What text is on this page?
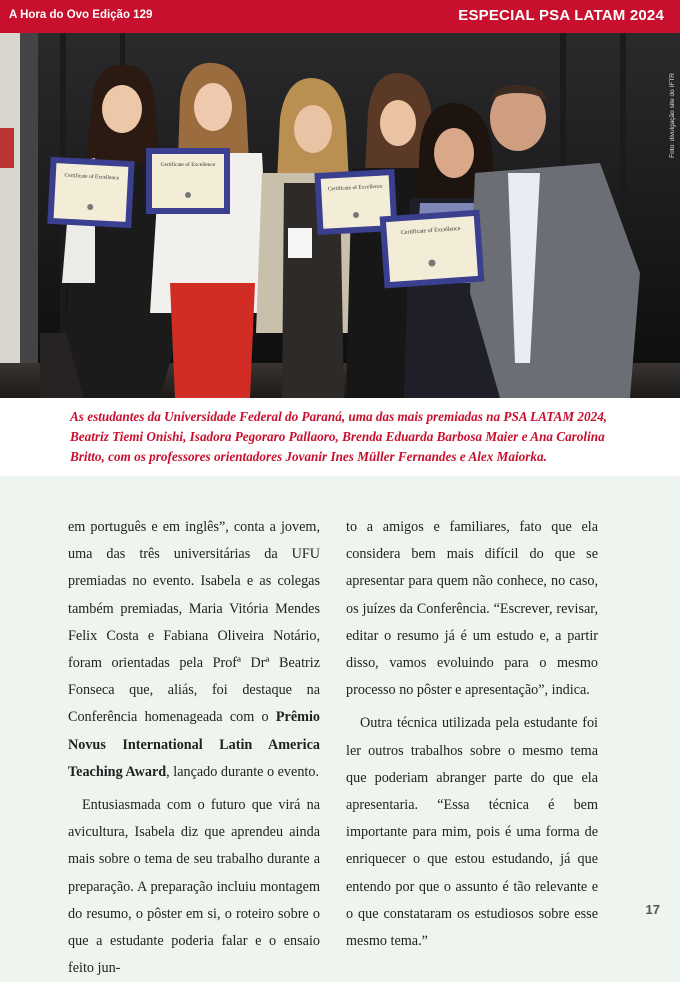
A Hora do Ovo Edição 129	ESPECIAL PSA LATAM 2024
Certificate of Excellence
Certificate of Excellence
Certificate of Excellence
Certificate of Excellence
Foto: divulgação site do IFTR
As estudantes da Universidade Federal do Paraná, uma das mais premiadas na PSA LATAM 2024, Beatriz Tiemi Onishi, Isadora Pegoraro Pallaoro, Brenda Eduarda Barbosa Maier e Ana Carolina Britto, com os professores orientadores Jovanir Ines Müller Fernandes e Alex Maiorka.

em português e em inglês”, conta a jovem, uma das três universitárias da UFU premiadas no evento. Isabela e as colegas também premiadas, Maria Vitória Mendes Felix Costa e Fabiana Oliveira Notário, foram orientadas pela Profª Drª Beatriz Fonseca que, aliás, foi destaque na Conferência homenageada com o Prêmio Novus International Latin America Teaching Award, lançado durante o evento.

Entusiasmada com o futuro que virá na avicultura, Isabela diz que aprendeu ainda mais sobre o tema de seu trabalho durante a preparação. A preparação incluiu montagem do resumo, o pôster em si, o roteiro sobre o que a estudante poderia falar e o ensaio feito jun-

to a amigos e familiares, fato que ela considera bem mais difícil do que se apresentar para quem não conhece, no caso, os juízes da Conferência. “Escrever, revisar, editar o resumo já é um estudo e, a partir disso, vamos evoluindo para o mesmo processo no pôster e apresentação”, indica.

Outra técnica utilizada pela estudante foi ler outros trabalhos sobre o mesmo tema que poderiam abranger parte do que ela apresentaria. “Essa técnica é bem importante para mim, pois é uma forma de enriquecer o que estou estudando, já que entendo por que o assunto é tão relevante e o que constataram os estudiosos sobre esse mesmo tema.”

17
